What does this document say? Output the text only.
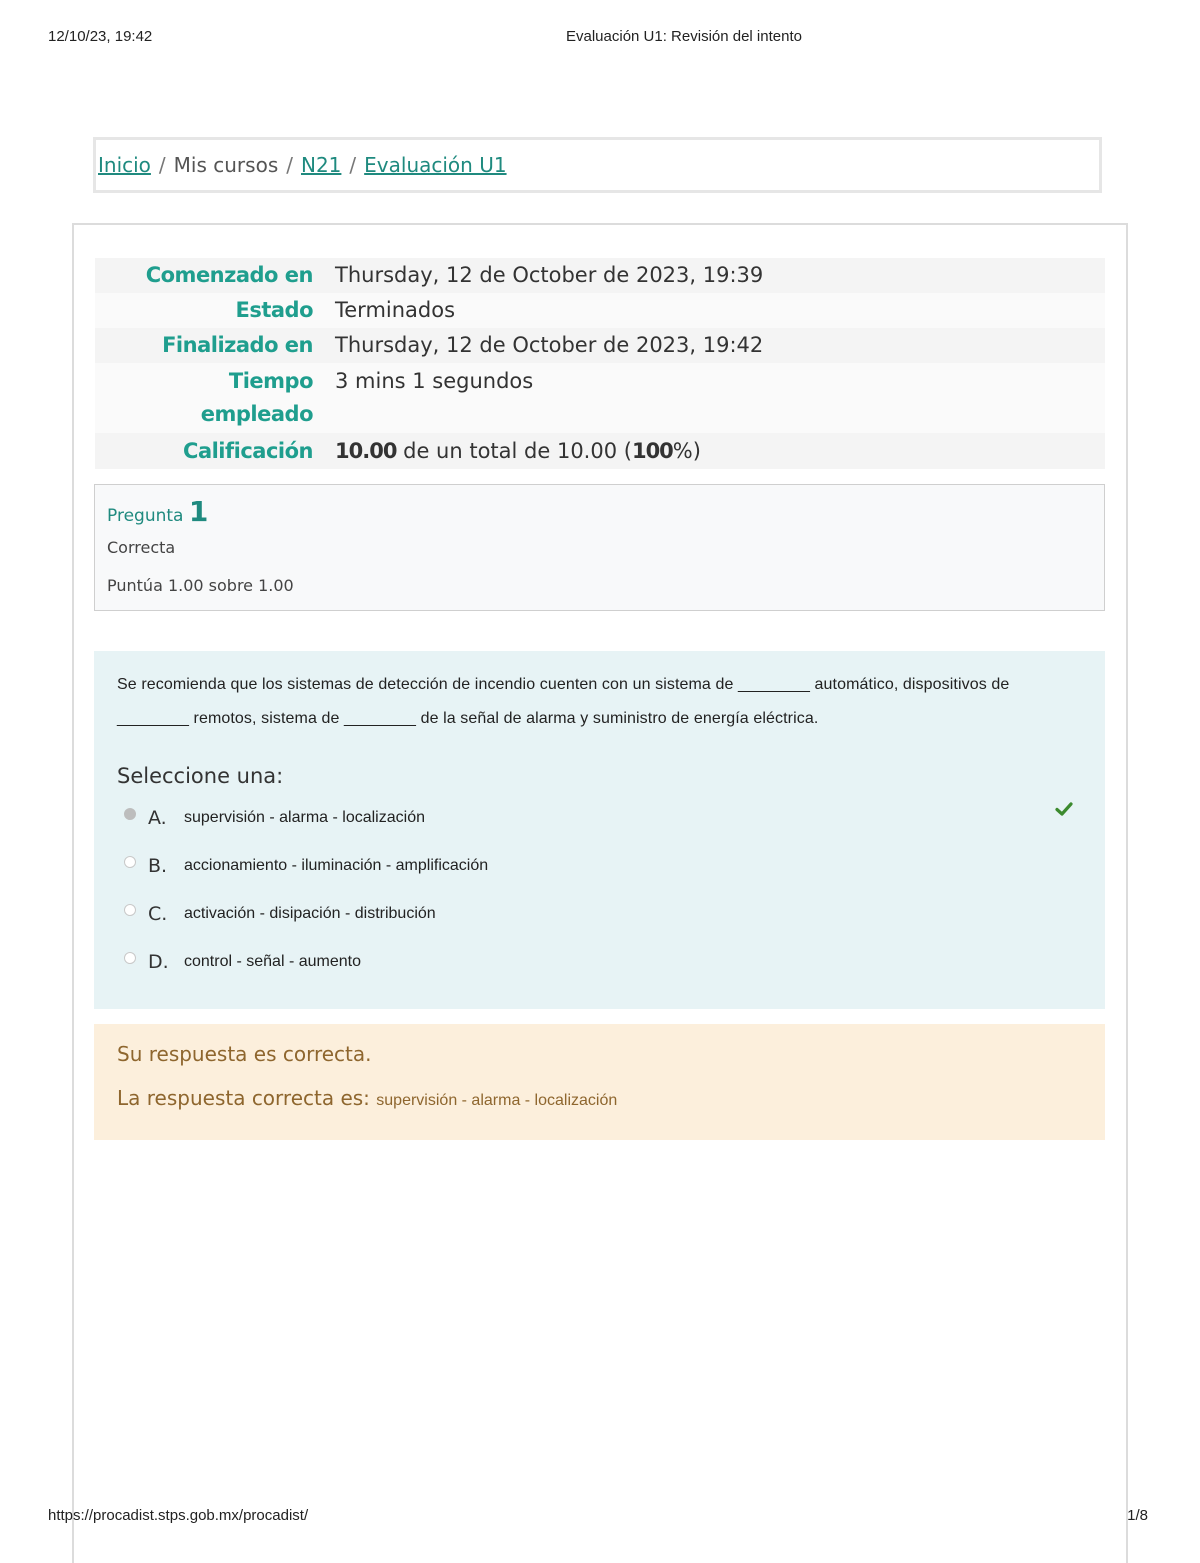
12/10/23, 19:42	Evaluación U1: Revisión del intento
Inicio / Mis cursos / N21 / Evaluación U1
Comenzado en	Thursday, 12 de October de 2023, 19:39
Estado	Terminados
Finalizado en	Thursday, 12 de October de 2023, 19:42
Tiempo
empleado	3 mins 1 segundos
Calificación	10.00 de un total de 10.00 (100%)
Pregunta 1
Correcta
Puntúa 1.00 sobre 1.00
Se recomienda que los sistemas de detección de incendio cuenten con un sistema de ________ automático, dispositivos de
________ remotos, sistema de ________ de la señal de alarma y suministro de energía eléctrica.
Seleccione una:
A.	supervisión - alarma - localización
B.	accionamiento - iluminación - amplificación
C.	activación - disipación - distribución
D. control - señal - aumento
Su respuesta es correcta.
La respuesta correcta es: supervisión - alarma - localización
https://procadist.stps.gob.mx/procadist/	1/8
